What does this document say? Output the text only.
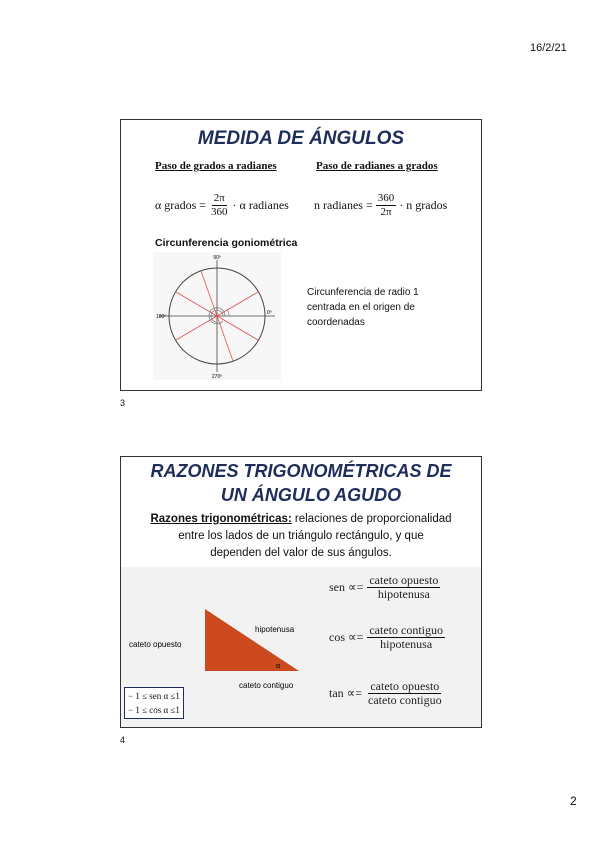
16/2/21
MEDIDA DE ÁNGULOS
Paso de grados a radianes	Paso de radianes a grados
α grados = $\frac{2\pi}{360} \cdot \alpha$ radianes n radianes = $\frac{360}{2\pi} \cdot n$ grados
Circunferencia goniométrica
90º
180º
0º
270º
Circunferencia de radio 1
centrada en el origen de
coordenadas
3
RAZONES TRIGONOMÉTRICAS DE
UN ÁNGULO AGUDO
Razones trigonométricas: relaciones de proporcionalidad
entre los lados de un triángulo rectángulo, y que
dependen del valor de sus ángulos.
hipotenusa
cateto opuesto
cateto contiguo
α
sen ∝= $\frac{\text{cateto opuesto}}{\text{hipotenusa}}$
$\cos \propto= \frac{\text{cateto contiguo}}{\text{hipotenusa}}$
$\tan \propto= \frac{\text{cateto opuesto}}{\text{cateto contiguo}}$
− 1 ≤ sen α ≤1
− 1 ≤ cos α ≤1
4
2
